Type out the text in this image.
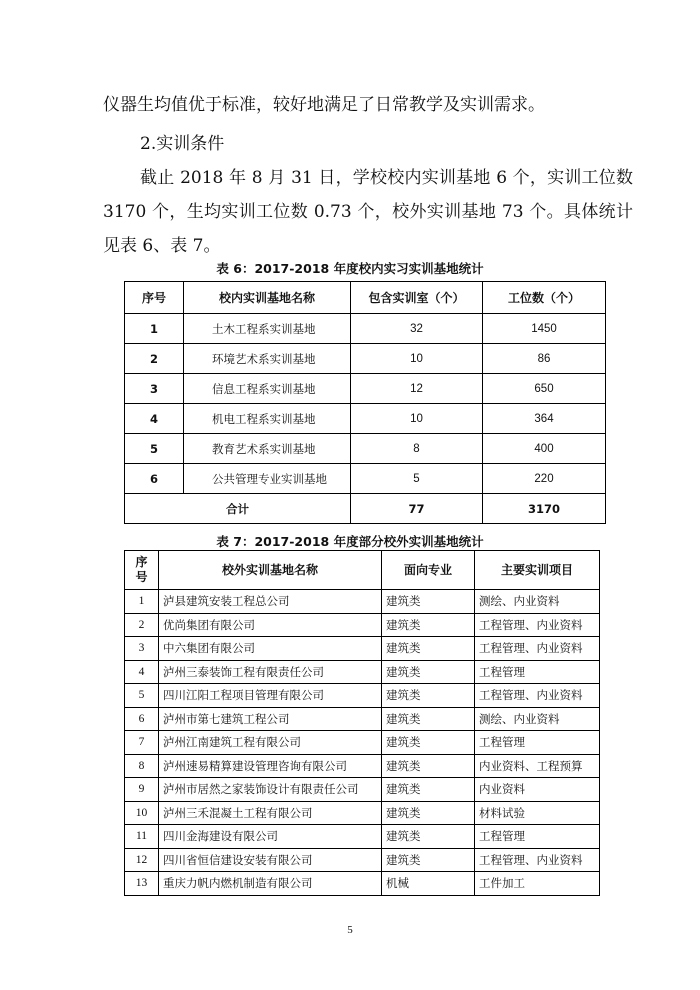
仪器生均值优于标准，较好地满足了日常教学及实训需求。

2.实训条件

截止 2018 年 8 月 31 日，学校校内实训基地 6 个，实训工位数 3170 个，生均实训工位数 0.73 个，校外实训基地 73 个。具体统计见表 6、表 7。

表 6：2017-2018 年度校内实习实训基地统计
序号	校内实训基地名称	包含实训室（个）	工位数（个）
1	土木工程系实训基地	32	1450
2	环境艺术系实训基地	10	86
3	信息工程系实训基地	12	650
4	机电工程系实训基地	10	364
5	教育艺术系实训基地	8	400
6	公共管理专业实训基地	5	220
合计		77	3170
表 7：2017-2018 年度部分校外实训基地统计
序号	校外实训基地名称	面向专业	主要实训项目
1	泸县建筑安装工程总公司	建筑类	测绘、内业资料
2	优尚集团有限公司	建筑类	工程管理、内业资料
3	中六集团有限公司	建筑类	工程管理、内业资料
4	泸州三泰装饰工程有限责任公司	建筑类	工程管理
5	四川江阳工程项目管理有限公司	建筑类	工程管理、内业资料
6	泸州市第七建筑工程公司	建筑类	测绘、内业资料
7	泸州江南建筑工程有限公司	建筑类	工程管理
8	泸州速易精算建设管理咨询有限公司	建筑类	内业资料、工程预算
9	泸州市居然之家装饰设计有限责任公司	建筑类	内业资料
10	泸州三禾混凝土工程有限公司	建筑类	材料试验
11	四川金海建设有限公司	建筑类	工程管理
12	四川省恒信建设安装有限公司	建筑类	工程管理、内业资料
13	重庆力帆内燃机制造有限公司	机械	工件加工
​
5
